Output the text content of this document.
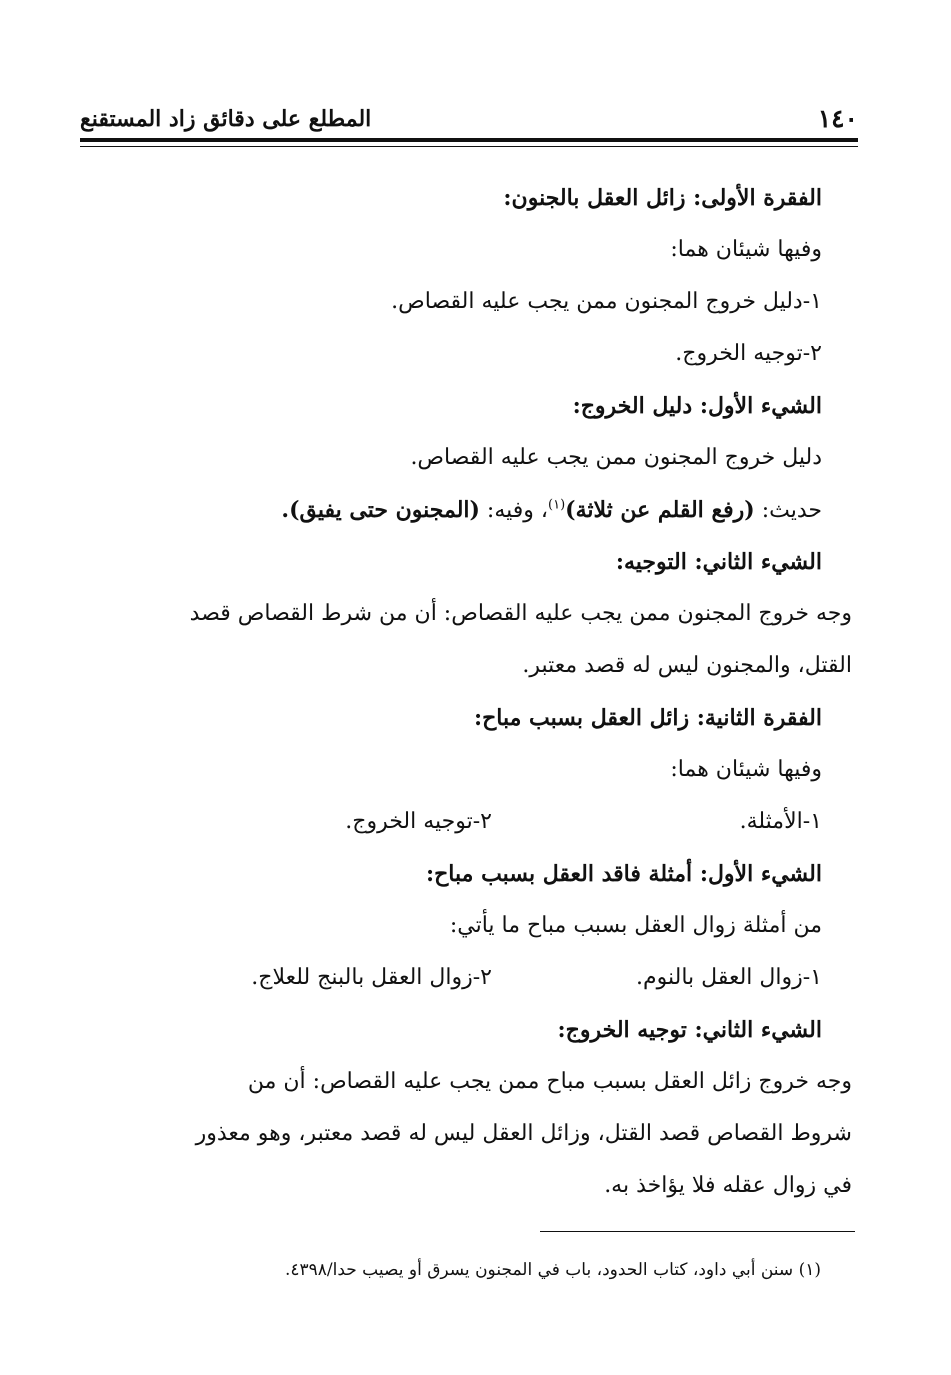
١٤٠
المطلع على دقائق زاد المستقنع
الفقرة الأولى: زائل العقل بالجنون:
وفيها شيئان هما:
١-دليل خروج المجنون ممن يجب عليه القصاص.
٢-توجيه الخروج.
الشيء الأول: دليل الخروج:
دليل خروج المجنون ممن يجب عليه القصاص.
حديث: (رفع القلم عن ثلاثة)$^{(١)}$، وفيه: (المجنون حتى يفيق).
الشيء الثاني: التوجيه:
وجه خروج المجنون ممن يجب عليه القصاص: أن من شرط القصاص قصد
القتل، والمجنون ليس له قصد معتبر.
الفقرة الثانية: زائل العقل بسبب مباح:
وفيها شيئان هما:
١-الأمثلة.
٢-توجيه الخروج.
الشيء الأول: أمثلة فاقد العقل بسبب مباح:
من أمثلة زوال العقل بسبب مباح ما يأتي:
١-زوال العقل بالنوم.
٢-زوال العقل بالبنج للعلاج.
الشيء الثاني: توجيه الخروج:
وجه خروج زائل العقل بسبب مباح ممن يجب عليه القصاص: أن من
شروط القصاص قصد القتل، وزائل العقل ليس له قصد معتبر، وهو معذور
في زوال عقله فلا يؤاخذ به.
(١) سنن أبي داود، كتاب الحدود، باب في المجنون يسرق أو يصيب حدا/٤٣٩٨.
